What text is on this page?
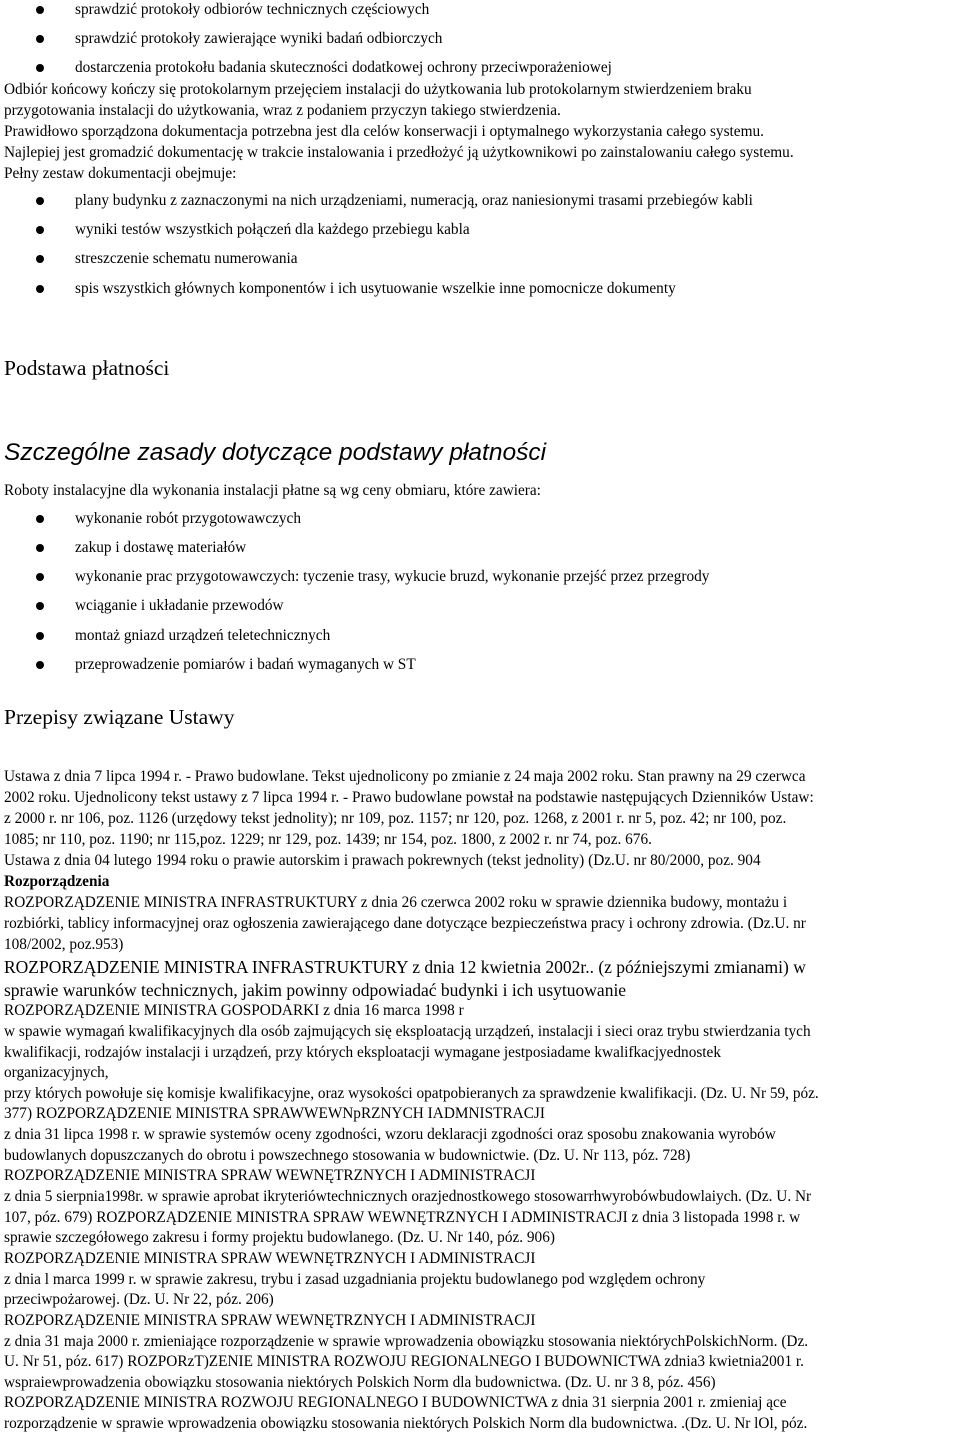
sprawdzić protokoły odbiorów technicznych częściowych
sprawdzić protokoły zawierające wyniki badań odbiorczych
dostarczenia protokołu badania skuteczności dodatkowej ochrony przeciwporażeniowej
Odbiór końcowy kończy się protokolarnym przejęciem instalacji do użytkowania lub protokolarnym stwierdzeniem braku
przygotowania instalacji do użytkowania, wraz z podaniem przyczyn takiego stwierdzenia.
Prawidłowo sporządzona dokumentacja potrzebna jest dla celów konserwacji i optymalnego wykorzystania całego systemu.
Najlepiej jest gromadzić dokumentację w trakcie instalowania i przedłożyć ją użytkownikowi po zainstalowaniu całego systemu.
Pełny zestaw dokumentacji obejmuje:
plany budynku z zaznaczonymi na nich urządzeniami, numeracją, oraz naniesionymi trasami przebiegów kabli
wyniki testów wszystkich połączeń dla każdego przebiegu kabla
streszczenie schematu numerowania
spis wszystkich głównych komponentów i ich usytuowanie wszelkie inne pomocnicze dokumenty
Podstawa płatności
Szczególne zasady dotyczące podstawy płatności
Roboty instalacyjne dla wykonania instalacji płatne są wg ceny obmiaru, które zawiera:
wykonanie robót przygotowawczych
zakup i dostawę materiałów
wykonanie prac przygotowawczych: tyczenie trasy, wykucie bruzd, wykonanie przejść przez przegrody
wciąganie i układanie przewodów
montaż gniazd urządzeń teletechnicznych
przeprowadzenie pomiarów i badań wymaganych w ST
Przepisy związane Ustawy
Ustawa z dnia 7 lipca 1994 r. - Prawo budowlane. Tekst ujednolicony po zmianie z 24 maja 2002 roku. Stan prawny na 29 czerwca
2002 roku. Ujednolicony tekst ustawy z 7 lipca 1994 r. - Prawo budowlane powstał na podstawie następujących Dzienników Ustaw:
z 2000 r. nr 106, poz. 1126 (urzędowy tekst jednolity); nr 109, poz. 1157; nr 120, poz. 1268, z 2001 r. nr 5, poz. 42; nr 100, poz.
1085; nr 110, poz. 1190; nr 115,poz. 1229; nr 129, poz. 1439; nr 154, poz. 1800, z 2002 r. nr 74, poz. 676.
Ustawa z dnia 04 lutego 1994 roku o prawie autorskim i prawach pokrewnych (tekst jednolity) (Dz.U. nr 80/2000, poz. 904
Rozporządzenia
ROZPORZĄDZENIE MINISTRA INFRASTRUKTURY z dnia 26 czerwca 2002 roku w sprawie dziennika budowy, montażu i
rozbiórki, tablicy informacyjnej oraz ogłoszenia zawierającego dane dotyczące bezpieczeństwa pracy i ochrony zdrowia. (Dz.U. nr
108/2002, poz.953)
ROZPORZĄDZENIE MINISTRA INFRASTRUKTURY z dnia 12 kwietnia 2002r.. (z późniejszymi zmianami) w
sprawie warunków technicznych, jakim powinny odpowiadać budynki i ich usytuowanie
ROZPORZĄDZENIE MINISTRA GOSPODARKI z dnia 16 marca 1998 r
w spawie wymagań kwalifikacyjnych dla osób zajmujących się eksploatacją urządzeń, instalacji i sieci oraz trybu stwierdzania tych
kwalifikacji, rodzajów instalacji i urządzeń, przy których eksploatacji wymagane jestposiadame kwalifkacjyednostek
organizacyjnych,
przy których powołuje się komisje kwalifikacyjne, oraz wysokości opatpobieranych za sprawdzenie kwalifikacji. (Dz. U. Nr 59, póz.
377) ROZPORZĄDZENIE MINISTRA SPRAWWEWNpRZNYCH IADMNISTRACJI
z dnia 31 lipca 1998 r. w sprawie systemów oceny zgodności, wzoru deklaracji zgodności oraz sposobu znakowania wyrobów
budowlanych dopuszczanych do obrotu i powszechnego stosowania w budownictwie. (Dz. U. Nr 113, póz. 728)
ROZPORZĄDZENIE MINISTRA SPRAW WEWNĘTRZNYCH I ADMINISTRACJI
z dnia 5 sierpnia1998r. w sprawie aprobat ikryteriówtechnicznych orazjednostkowego stosowarrhwyrobówbudowlaiych. (Dz. U. Nr
107, póz. 679) ROZPORZĄDZENIE MINISTRA SPRAW WEWNĘTRZNYCH I ADMINISTRACJI z dnia 3 listopada 1998 r. w
sprawie szczegółowego zakresu i formy projektu budowlanego. (Dz. U. Nr 140, póz. 906)
ROZPORZĄDZENIE MINISTRA SPRAW WEWNĘTRZNYCH I ADMINISTRACJI
z dnia l marca 1999 r. w sprawie zakresu, trybu i zasad uzgadniania projektu budowlanego pod względem ochrony
przeciwpożarowej. (Dz. U. Nr 22, póz. 206)
ROZPORZĄDZENIE MINISTRA SPRAW WEWNĘTRZNYCH I ADMINISTRACJI
z dnia 31 maja 2000 r. zmieniające rozporządzenie w sprawie wprowadzenia obowiązku stosowania niektórychPolskichNorm. (Dz.
U. Nr 51, póz. 617) ROZPORzT)ZENIE MINISTRA ROZWOJU REGIONALNEGO I BUDOWNICTWA zdnia3 kwietnia2001 r.
wspraiewprowadzenia obowiązku stosowania niektórych Polskich Norm dla budownictwa. (Dz. U. nr 3 8, póz. 456)
ROZPORZĄDZENIE MINISTRA ROZWOJU REGIONALNEGO I BUDOWNICTWA z dnia 31 sierpnia 2001 r. zmieniaj ące
rozporządzenie w sprawie wprowadzenia obowiązku stosowania niektórych Polskich Norm dla budownictwa. .(Dz. U. Nr lOl, póz.
